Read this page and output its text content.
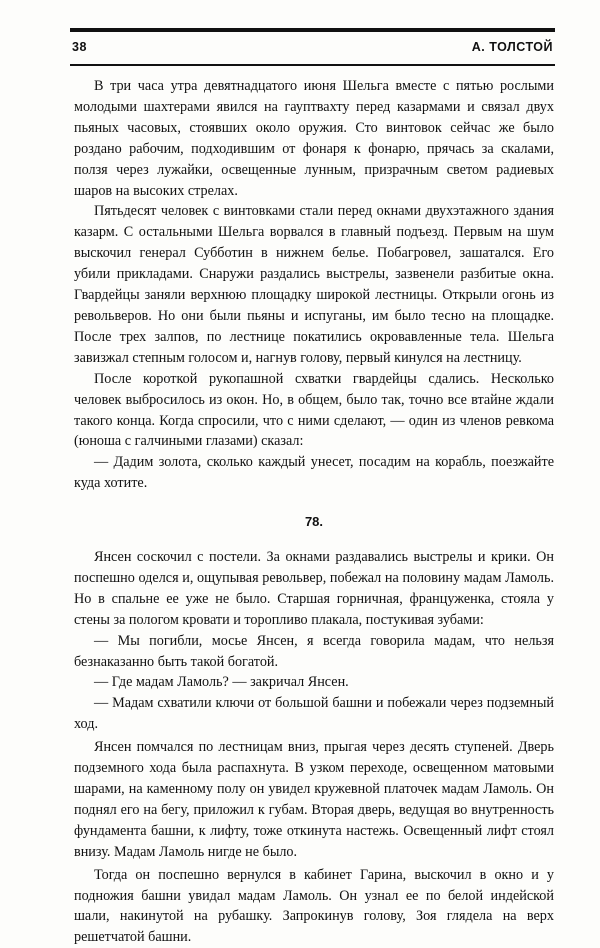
38	А. ТОЛСТОЙ

В три часа утра девятнадцатого июня Шельга вместе с пятью рослыми молодыми шахтерами явился на гауптвахту перед казармами и связал двух пьяных часовых, стоявших около оружия. Сто винтовок сейчас же было роздано рабочим, подходившим от фонаря к фонарю, прячась за скалами, ползя через лужайки, освещенные лунным, призрачным светом радиевых шаров на высоких стрелах.

Пятьдесят человек с винтовками стали перед окнами двухэтажного здания казарм. С остальными Шельга ворвался в главный подъезд. Первым на шум выскочил генерал Субботин в нижнем белье. Побагровел, зашатался. Его убили прикладами. Снаружи раздались выстрелы, зазвенели разбитые окна. Гвардейцы заняли верхнюю площадку широкой лестницы. Открыли огонь из револьверов. Но они были пьяны и испуганы, им было тесно на площадке. После трех залпов, по лестнице покатились окровавленные тела. Шельга завизжал степным голосом и, нагнув голову, первый кинулся на лестницу.

После короткой рукопашной схватки гвардейцы сдались. Несколько человек выбросилось из окон. Но, в общем, было так, точно все втайне ждали такого конца. Когда спросили, что с ними сделают, — один из членов ревкома (юноша с галчиными глазами) сказал:

— Дадим золота, сколько каждый унесет, посадим на корабль, поезжайте куда хотите.

78.

Янсен соскочил с постели. За окнами раздавались выстрелы и крики. Он поспешно оделся и, ощупывая револьвер, побежал на половину мадам Ламоль. Но в спальне ее уже не было. Старшая горничная, француженка, стояла у стены за пологом кровати и торопливо плакала, постукивая зубами:

— Мы погибли, мосье Янсен, я всегда говорила мадам, что нельзя безнаказанно быть такой богатой.

— Где мадам Ламоль? — закричал Янсен.

— Мадам схватили ключи от большой башни и побежали через подземный ход.

Янсен помчался по лестницам вниз, прыгая через десять ступеней. Дверь подземного хода была распахнута. В узком переходе, освещенном матовыми шарами, на каменному полу он увидел кружевной платочек мадам Ламоль. Он поднял его на бегу, приложил к губам. Вторая дверь, ведущая во внутренность фундамента башни, к лифту, тоже откинута настежь. Освещенный лифт стоял внизу. Мадам Ламоль нигде не было.

Тогда он поспешно вернулся в кабинет Гарина, выскочил в окно и у подножия башни увидал мадам Ламоль. Он узнал ее по белой индейской шали, накинутой на рубашку. Запрокинув голову, Зоя глядела на верх решетчатой башни.
